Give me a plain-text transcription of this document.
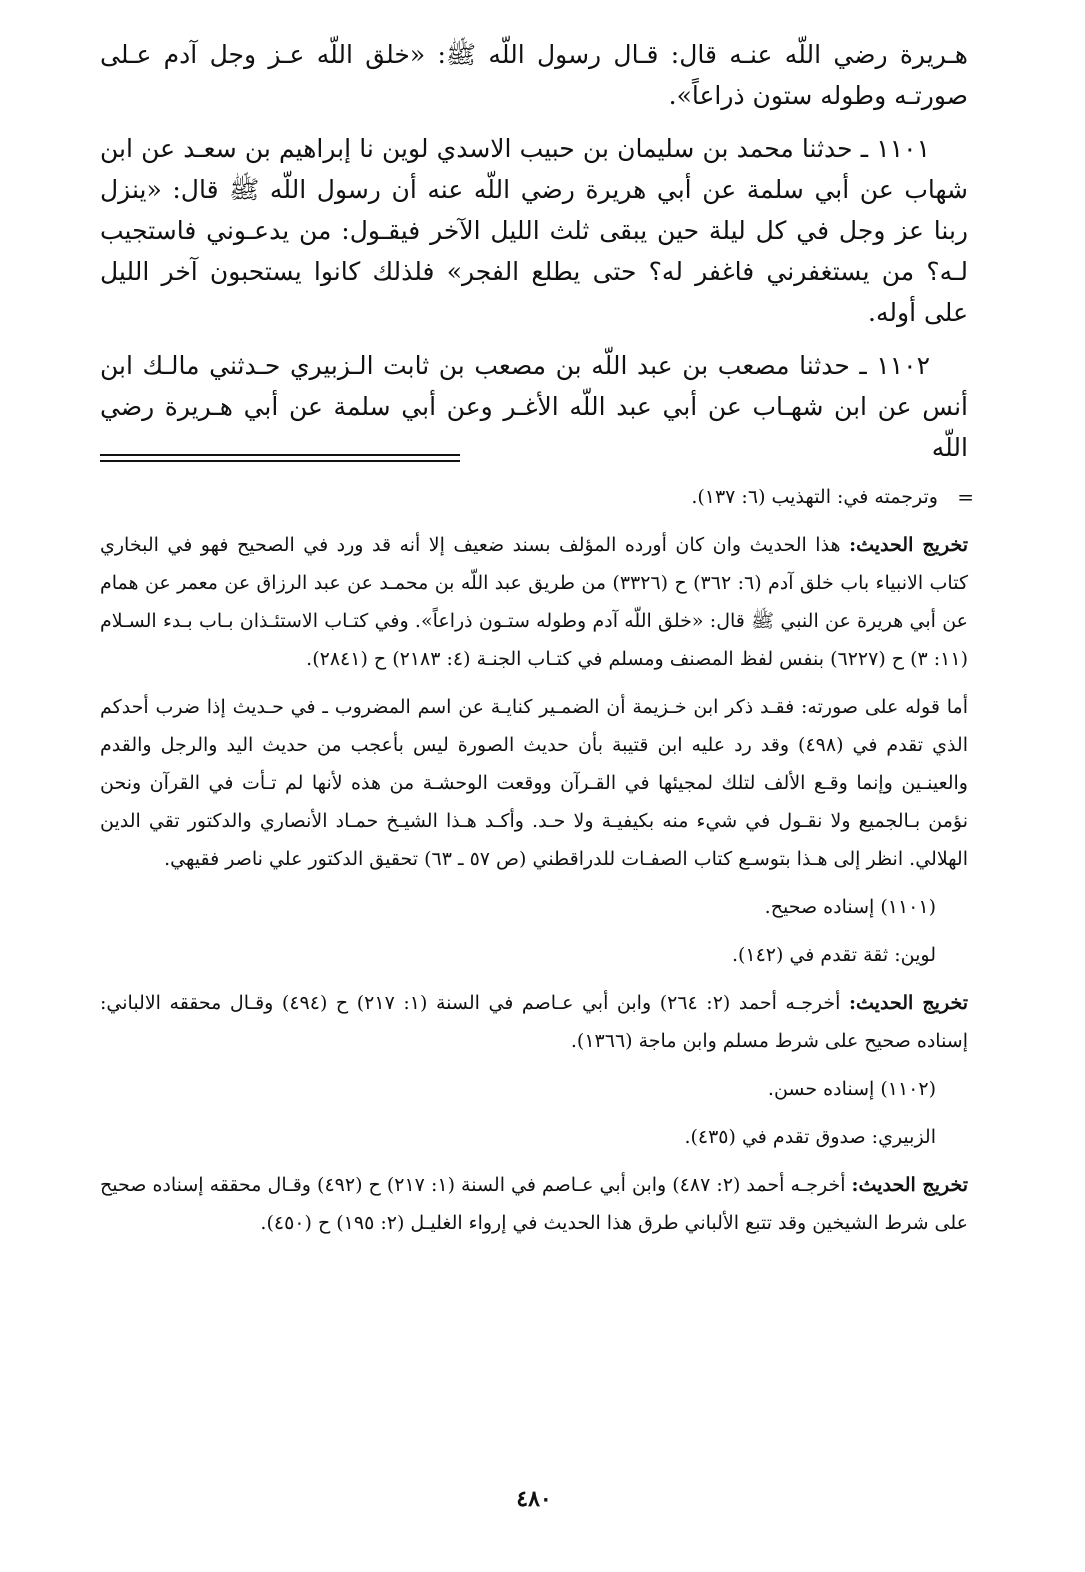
هـريرة رضي اللّه عنـه قال: قـال رسول اللّه ﷺ: «خلق اللّه عـز وجل آدم عـلى صورتـه وطوله ستون ذراعاً».

١١٠١ ـ حدثنا محمد بن سليمان بن حبيب الاسدي لوين نا إبراهيم بن سعـد عن ابن شهاب عن أبي سلمة عن أبي هريرة رضي اللّه عنه أن رسول اللّه ﷺ قال: «ينزل ربنا عز وجل في كل ليلة حين يبقى ثلث الليل الآخر فيقـول: من يدعـوني فاستجيب لـه؟ من يستغفرني فاغفر له؟ حتى يطلع الفجر» فلذلك كانوا يستحبون آخر الليل على أوله.

١١٠٢ ـ حدثنا مصعب بن عبد اللّه بن مصعب بن ثابت الـزبيري حـدثني مالـك ابن أنس عن ابن شهـاب عن أبي عبد اللّه الأغـر وعن أبي سلمة عن أبي هـريرة رضي اللّه

=
وترجمته في: التهذيب (٦: ١٣٧).

تخريج الحديث: هذا الحديث وان كان أورده المؤلف بسند ضعيف إلا أنه قد ورد في الصحيح فهو في البخاري كتاب الانبياء باب خلق آدم (٦: ٣٦٢) ح (٣٣٢٦) من طريق عبد اللّه بن محمـد عن عبد الرزاق عن معمر عن همام عن أبي هريرة عن النبي ﷺ قال: «خلق اللّه آدم وطوله ستـون ذراعاً». وفي كتـاب الاستئـذان بـاب بـدء السـلام (١١: ٣) ح (٦٢٢٧) بنفس لفظ المصنف ومسلم في كتـاب الجنـة (٤: ٢١٨٣) ح (٢٨٤١).

أما قوله على صورته: فقـد ذكر ابن خـزيمة أن الضمـير كنايـة عن اسم المضروب ـ في حـديث إذا ضرب أحدكم الذي تقدم في (٤٩٨) وقد رد عليه ابن قتيبة بأن حديث الصورة ليس بأعجب من حديث اليد والرجل والقدم والعينـين وإنما وقـع الألف لتلك لمجيئها في القـرآن ووقعت الوحشـة من هذه لأنها لم تـأت في القرآن ونحن نؤمن بـالجميع ولا نقـول في شيء منه بكيفيـة ولا حـد. وأكـد هـذا الشيـخ حمـاد الأنصاري والدكتور تقي الدين الهلالي. انظر إلى هـذا بتوسـع كتاب الصفـات للدراقطني (ص ٥٧ ـ ٦٣) تحقيق الدكتور علي ناصر فقيهي.

(١١٠١) إسناده صحيح.

لوين: ثقة تقدم في (١٤٢).

تخريج الحديث: أخرجـه أحمد (٢: ٢٦٤) وابن أبي عـاصم في السنة (١: ٢١٧) ح (٤٩٤) وقـال محققه الالباني: إسناده صحيح على شرط مسلم وابن ماجة (١٣٦٦).

(١١٠٢) إسناده حسن.

الزبيري: صدوق تقدم في (٤٣٥).

تخريج الحديث: أخرجـه أحمد (٢: ٤٨٧) وابن أبي عـاصم في السنة (١: ٢١٧) ح (٤٩٢) وقـال محققه إسناده صحيح على شرط الشيخين وقد تتبع الألباني طرق هذا الحديث في إرواء الغليـل (٢: ١٩٥) ح (٤٥٠).

٤٨٠
